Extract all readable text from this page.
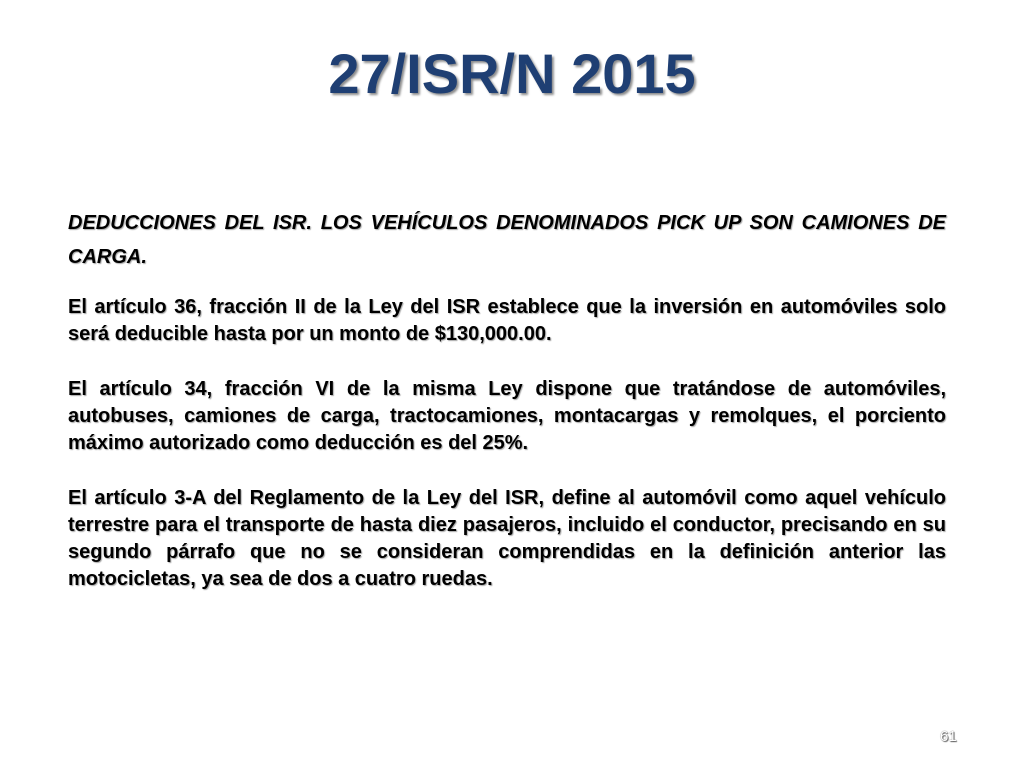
27/ISR/N 2015

DEDUCCIONES DEL ISR. LOS VEHÍCULOS DENOMINADOS PICK UP SON CAMIONES DE CARGA.

El artículo 36, fracción II de la Ley del ISR establece que la inversión en automóviles solo será deducible hasta por un monto de $130,000.00.

El artículo 34, fracción VI de la misma Ley dispone que tratándose de automóviles, autobuses, camiones de carga, tractocamiones, montacargas y remolques, el porciento máximo autorizado como deducción es del 25%.

El artículo 3-A del Reglamento de la Ley del ISR, define al automóvil como aquel vehículo terrestre para el transporte de hasta diez pasajeros, incluido el conductor, precisando en su segundo párrafo que no se consideran comprendidas en la definición anterior las motocicletas, ya sea de dos a cuatro ruedas.

61
